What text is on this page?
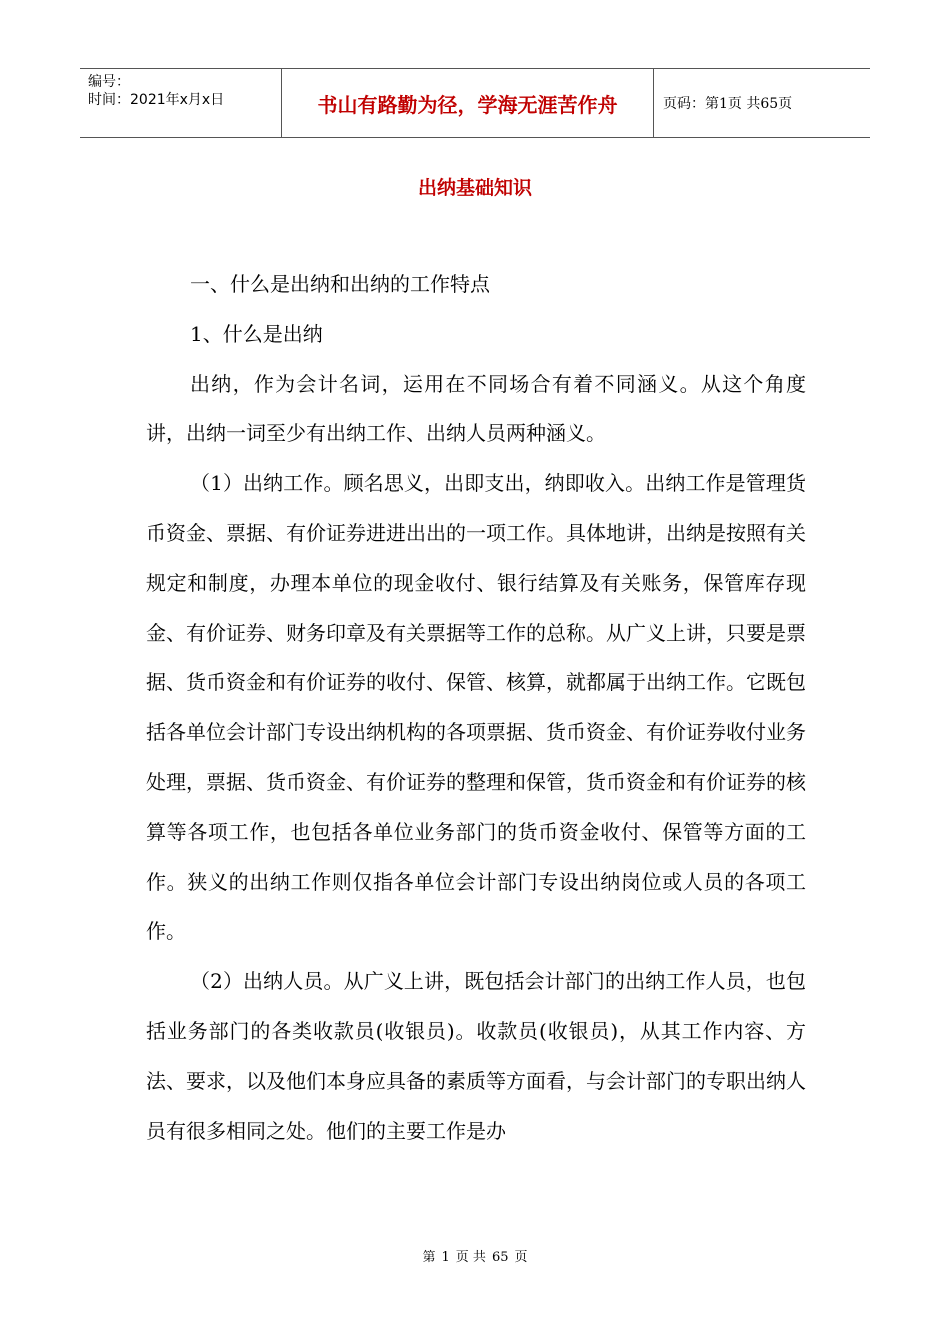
编号：
时间：2021年x月x日	书山有路勤为径，学海无涯苦作舟	页码：第1页 共65页
出纳基础知识

一、什么是出纳和出纳的工作特点

1、什么是出纳

出纳，作为会计名词，运用在不同场合有着不同涵义。从这个角度讲，出纳一词至少有出纳工作、出纳人员两种涵义。

（1）出纳工作。顾名思义，出即支出，纳即收入。出纳工作是管理货币资金、票据、有价证券进进出出的一项工作。具体地讲，出纳是按照有关规定和制度，办理本单位的现金收付、银行结算及有关账务，保管库存现金、有价证券、财务印章及有关票据等工作的总称。从广义上讲，只要是票据、货币资金和有价证券的收付、保管、核算，就都属于出纳工作。它既包括各单位会计部门专设出纳机构的各项票据、货币资金、有价证券收付业务处理，票据、货币资金、有价证券的整理和保管，货币资金和有价证券的核算等各项工作，也包括各单位业务部门的货币资金收付、保管等方面的工作。狭义的出纳工作则仅指各单位会计部门专设出纳岗位或人员的各项工作。

（2）出纳人员。从广义上讲，既包括会计部门的出纳工作人员，也包括业务部门的各类收款员(收银员)。收款员(收银员)，从其工作内容、方法、要求，以及他们本身应具备的素质等方面看，与会计部门的专职出纳人员有很多相同之处。他们的主要工作是办

第 1 页 共 65 页
